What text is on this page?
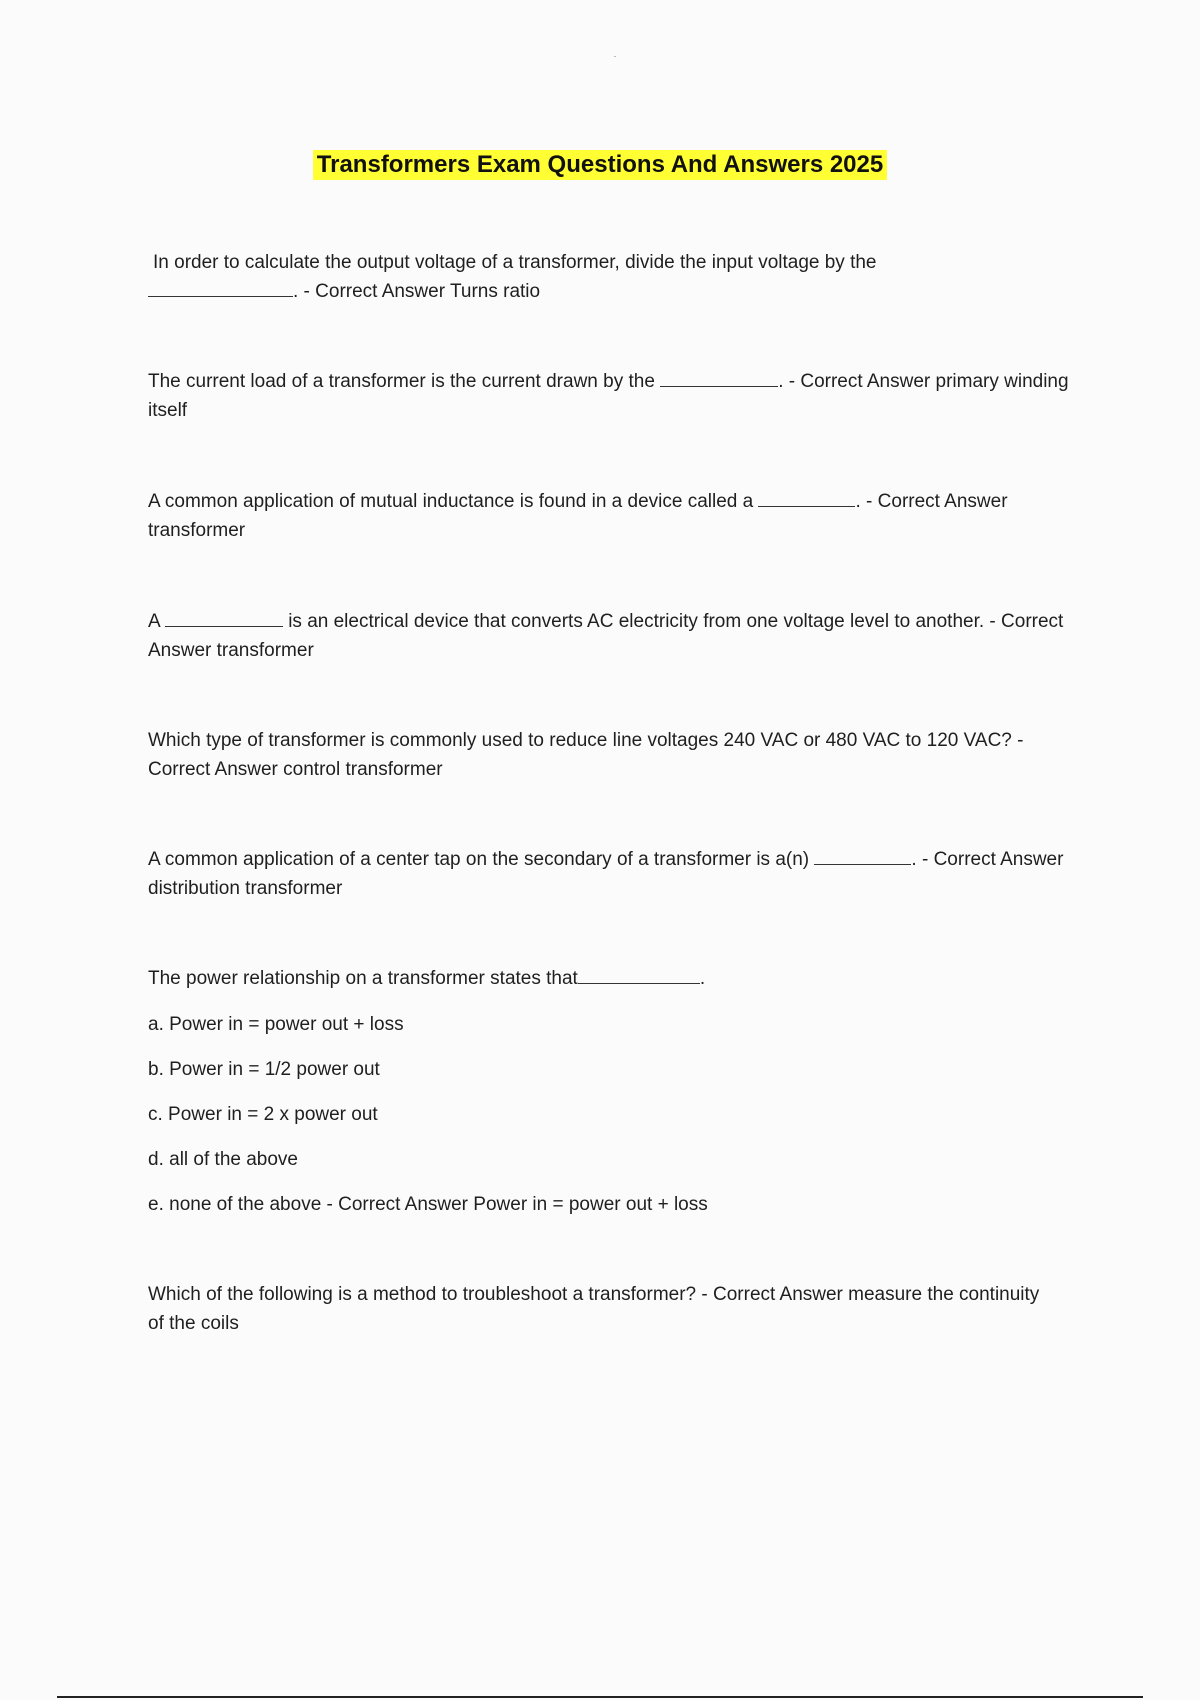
Transformers Exam Questions And Answers 2025
In order to calculate the output voltage of a transformer, divide the input voltage by the
. - Correct Answer Turns ratio
The current load of a transformer is the current drawn by the	. - Correct Answer primary winding itself
A common application of mutual inductance is found in a device called a	. - Correct Answer transformer
A	is an electrical device that converts AC electricity from one voltage level to another. - Correct Answer transformer
Which type of transformer is commonly used to reduce line voltages 240 VAC or 480 VAC to 120 VAC? - Correct Answer control transformer
A common application of a center tap on the secondary of a transformer is a(n)	. - Correct Answer distribution transformer
The power relationship on a transformer states that	.
a. Power in = power out + loss
b. Power in = 1/2 power out
c. Power in = 2 x power out
d. all of the above
e. none of the above - Correct Answer Power in = power out + loss
Which of the following is a method to troubleshoot a transformer? - Correct Answer measure the continuity of the coils
